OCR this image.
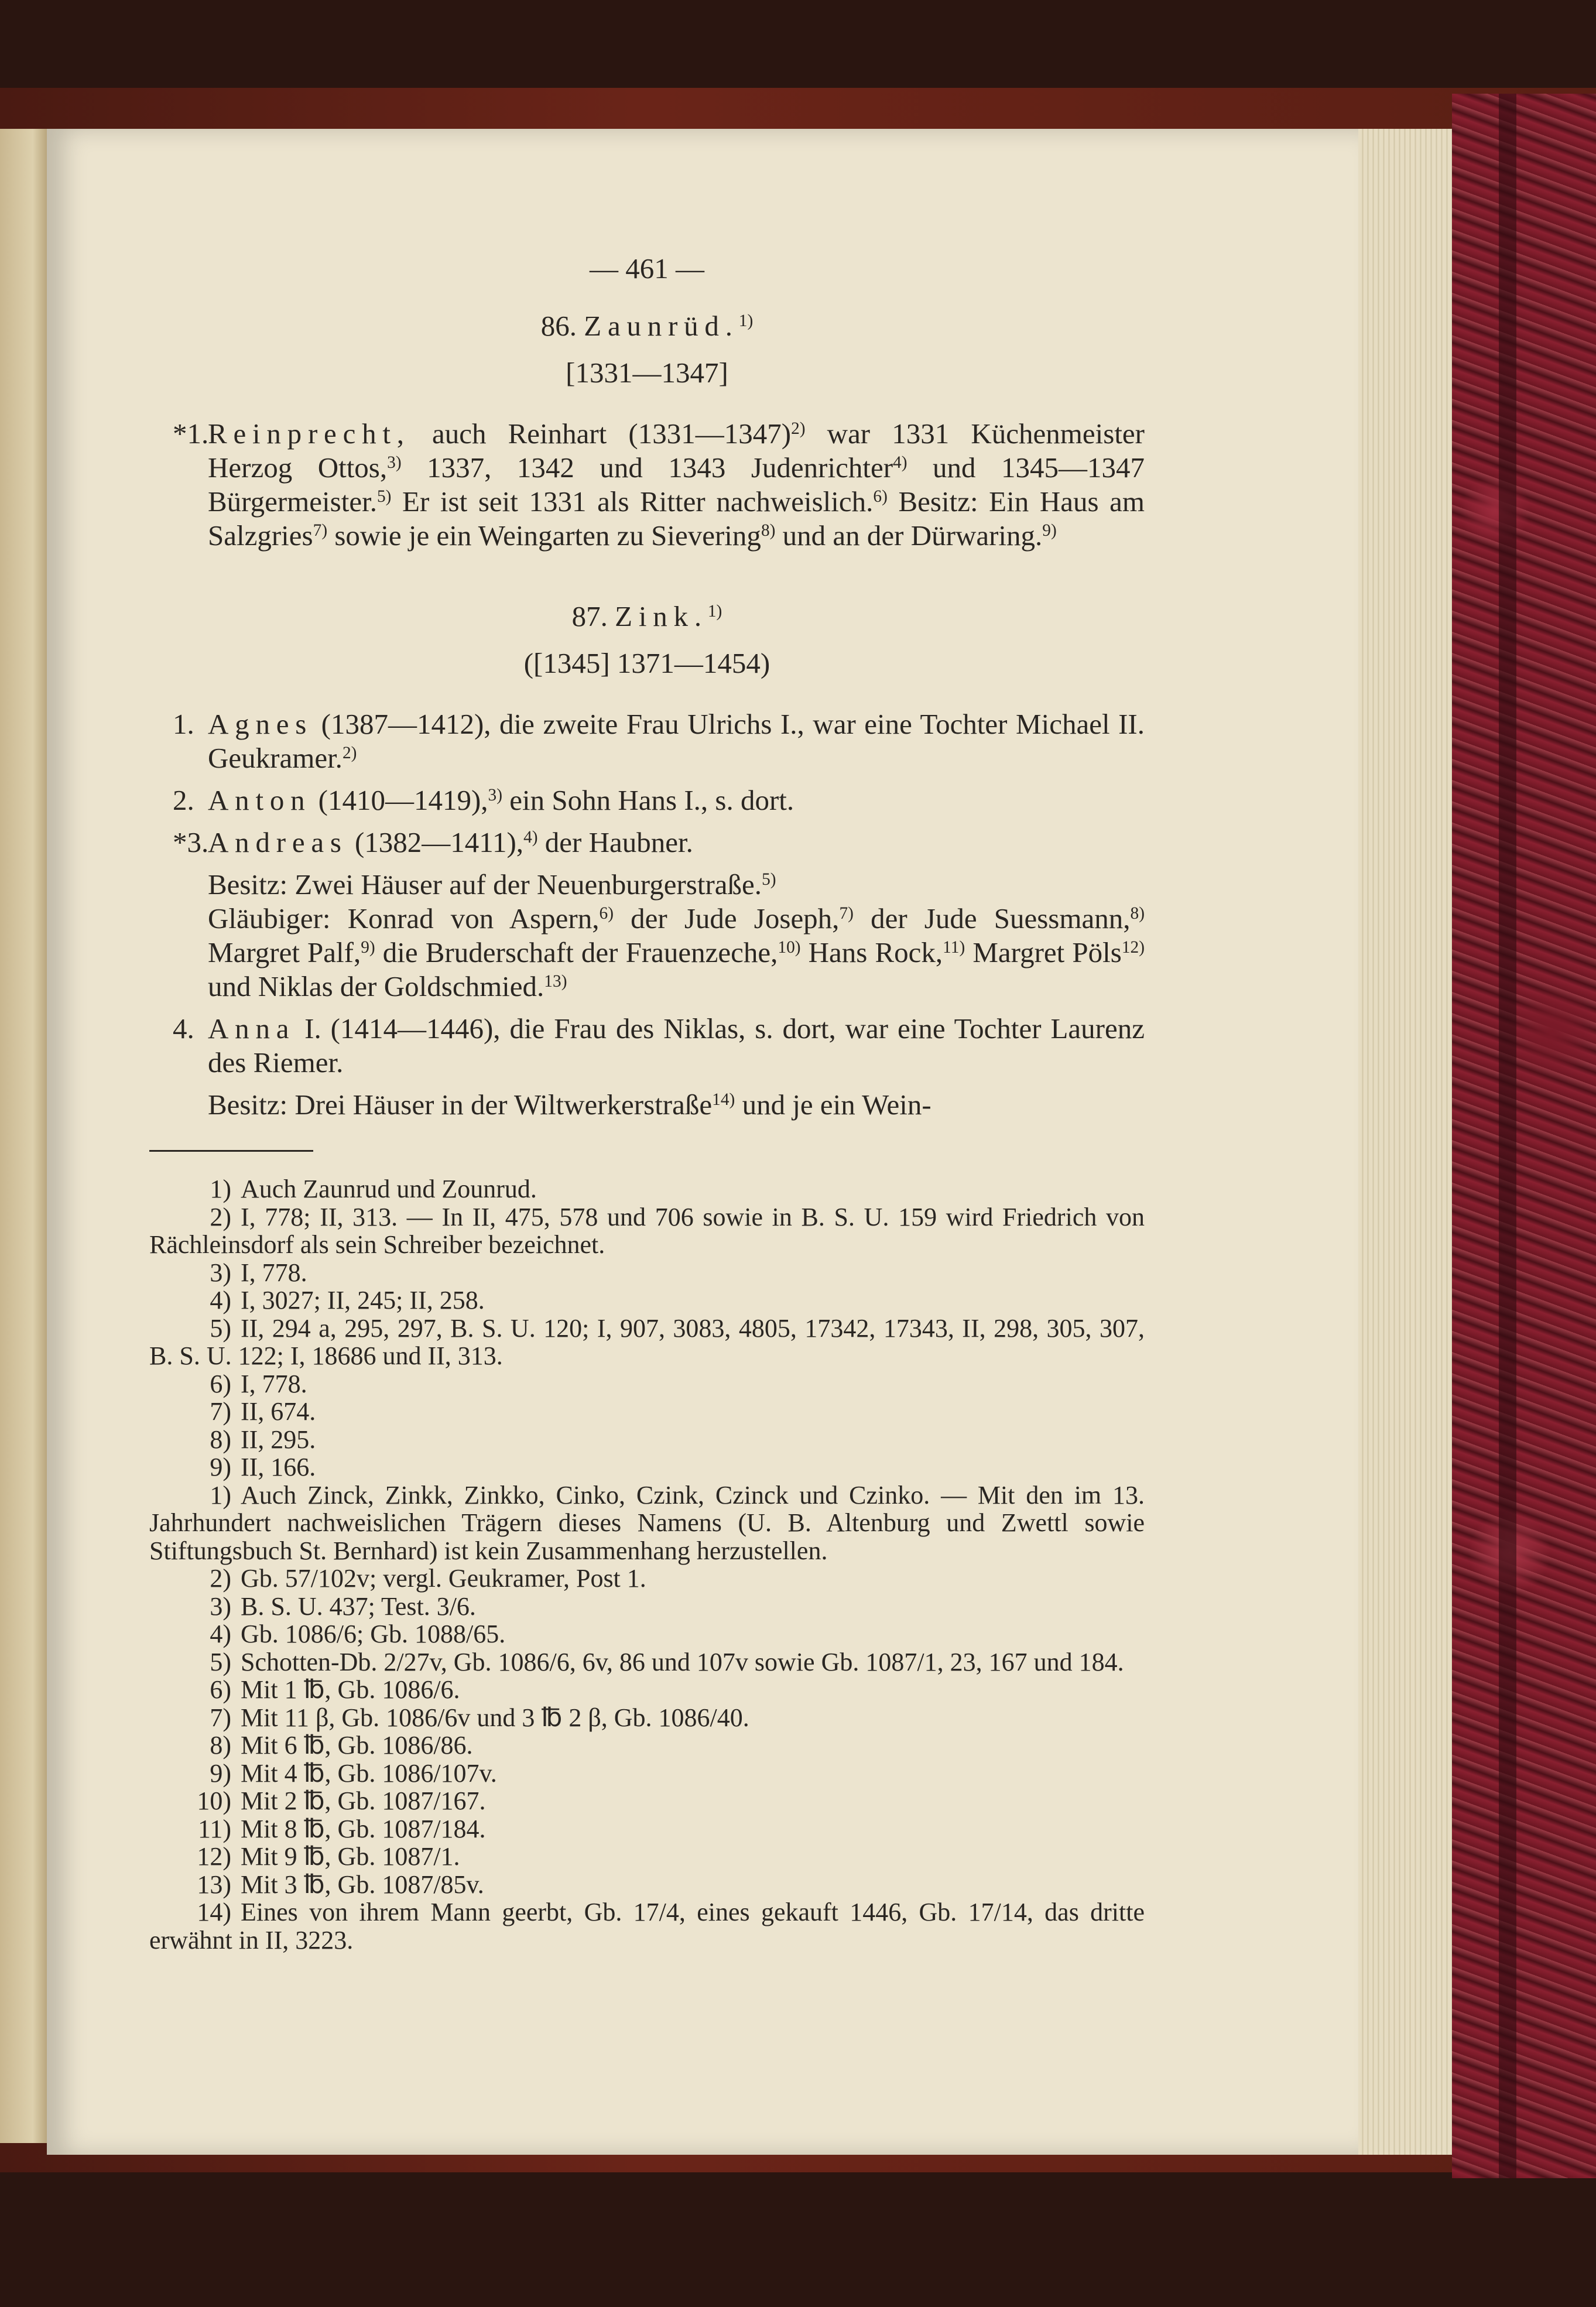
— 461 —
86. Zaunrüd.$^{1)}$
[1331—1347]
*1.Reinprecht, auch Reinhart (1331—1347)$^{2)}$ war 1331 Küchenmeister Herzog Ottos,$^{3)}$ 1337, 1342 und 1343 Judenrichter$^{4)}$ und 1345—1347 Bürgermeister.$^{5)}$ Er ist seit 1331 als Ritter nachweislich.$^{6)}$ Besitz: Ein Haus am Salzgries$^{7)}$ sowie je ein Weingarten zu Sievering$^{8)}$ und an der Dürwaring.$^{9)}$
87. Zink.$^{1)}$
([1345] 1371—1454)
1. Agnes (1387—1412), die zweite Frau Ulrichs I., war eine Tochter Michael II. Geukramer.$^{2)}$
2. Anton (1410—1419),$^{3)}$ ein Sohn Hans I., s. dort.
*3.Andreas (1382—1411),$^{4)}$ der Haubner.
Besitz: Zwei Häuser auf der Neuenburgerstraße.$^{5)}$
Gläubiger: Konrad von Aspern,$^{6)}$ der Jude Joseph,$^{7)}$ der Jude Suessmann,$^{8)}$ Margret Palf,$^{9)}$ die Bruderschaft der Frauenzeche,$^{10)}$ Hans Rock,$^{11)}$ Margret Pöls$^{12)}$ und Niklas der Goldschmied.$^{13)}$
4. Anna I. (1414—1446), die Frau des Niklas, s. dort, war eine Tochter Laurenz des Riemer.
Besitz: Drei Häuser in der Wiltwerkerstraße$^{14)}$ und je ein Wein-
1) Auch Zaunrud und Zounrud.
2) I, 778; II, 313. — In II, 475, 578 und 706 sowie in B. S. U. 159 wird Friedrich von Rächleinsdorf als sein Schreiber bezeichnet.
3) I, 778.
4) I, 3027; II, 245; II, 258.
5) II, 294 a, 295, 297, B. S. U. 120; I, 907, 3083, 4805, 17342, 17343, II, 298, 305, 307, B. S. U. 122; I, 18686 und II, 313.
6) I, 778.
7) II, 674.
8) II, 295.
9) II, 166.
1) Auch Zinck, Zinkk, Zinkko, Cinko, Czink, Czinck und Czinko. — Mit den im 13. Jahrhundert nachweislichen Trägern dieses Namens (U. B. Altenburg und Zwettl sowie Stiftungsbuch St. Bernhard) ist kein Zusammenhang herzustellen.
2) Gb. 57/102v; vergl. Geukramer, Post 1.
3) B. S. U. 437; Test. 3/6.
4) Gb. 1086/6; Gb. 1088/65.
5) Schotten-Db. 2/27v, Gb. 1086/6, 6v, 86 und 107v sowie Gb. 1087/1, 23, 167 und 184.
6) Mit 1 ℔, Gb. 1086/6.
7) Mit 11 β, Gb. 1086/6v und 3 ℔ 2 β, Gb. 1086/40.
8) Mit 6 ℔, Gb. 1086/86.
9) Mit 4 ℔, Gb. 1086/107v.
10) Mit 2 ℔, Gb. 1087/167.
11) Mit 8 ℔, Gb. 1087/184.
12) Mit 9 ℔, Gb. 1087/1.
13) Mit 3 ℔, Gb. 1087/85v.
14) Eines von ihrem Mann geerbt, Gb. 17/4, eines gekauft 1446, Gb. 17/14, das dritte erwähnt in II, 3223.
